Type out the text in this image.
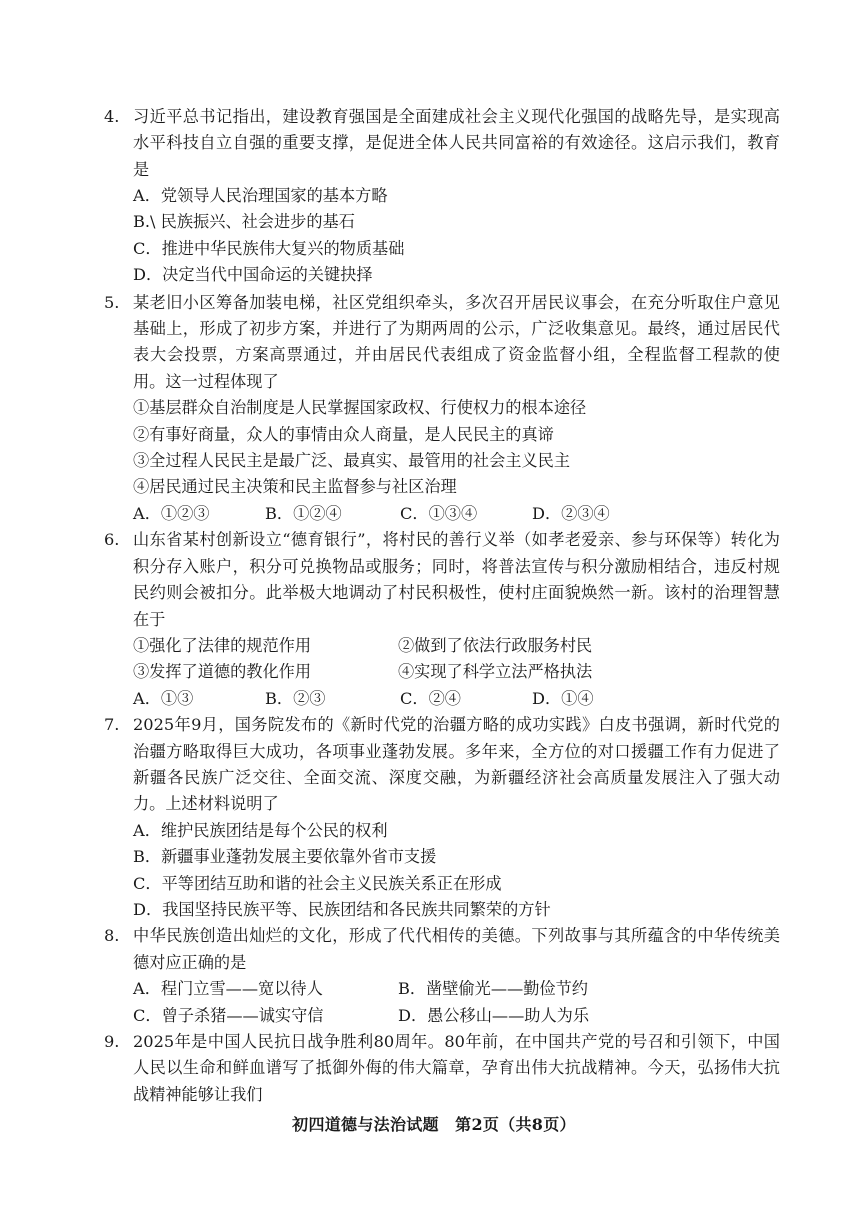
4. 习近平总书记指出，建设教育强国是全面建成社会主义现代化强国的战略先导，是实现高水平科技自立自强的重要支撑，是促进全体人民共同富裕的有效途径。这启示我们，教育是
A．党领导人民治理国家的基本方略
B.\ 民族振兴、社会进步的基石
C．推进中华民族伟大复兴的物质基础
D．决定当代中国命运的关键抉择
5. 某老旧小区筹备加装电梯，社区党组织牵头，多次召开居民议事会，在充分听取住户意见基础上，形成了初步方案，并进行了为期两周的公示，广泛收集意见。最终，通过居民代表大会投票，方案高票通过，并由居民代表组成了资金监督小组，全程监督工程款的使用。这一过程体现了
①基层群众自治制度是人民掌握国家政权、行使权力的根本途径
②有事好商量，众人的事情由众人商量，是人民民主的真谛
③全过程人民民主是最广泛、最真实、最管用的社会主义民主
④居民通过民主决策和民主监督参与社区治理
A．①②③	B．①②④	C．①③④	D．②③④
6. 山东省某村创新设立“德育银行”，将村民的善行义举（如孝老爱亲、参与环保等）转化为积分存入账户，积分可兑换物品或服务；同时，将普法宣传与积分激励相结合，违反村规民约则会被扣分。此举极大地调动了村民积极性，使村庄面貌焕然一新。该村的治理智慧在于
①强化了法律的规范作用	②做到了依法行政服务村民
③发挥了道德的教化作用	④实现了科学立法严格执法
A．①③	B．②③	C．②④	D．①④
7. 2025年9月，国务院发布的《新时代党的治疆方略的成功实践》白皮书强调，新时代党的治疆方略取得巨大成功，各项事业蓬勃发展。多年来，全方位的对口援疆工作有力促进了新疆各民族广泛交往、全面交流、深度交融，为新疆经济社会高质量发展注入了强大动力。上述材料说明了
A．维护民族团结是每个公民的权利
B．新疆事业蓬勃发展主要依靠外省市支援
C．平等团结互助和谐的社会主义民族关系正在形成
D．我国坚持民族平等、民族团结和各民族共同繁荣的方针
8. 中华民族创造出灿烂的文化，形成了代代相传的美德。下列故事与其所蕴含的中华传统美德对应正确的是
A．程门立雪——宽以待人	B．凿壁偷光——勤俭节约
C．曾子杀猪——诚实守信	D．愚公移山——助人为乐
9. 2025年是中国人民抗日战争胜利80周年。80年前，在中国共产党的号召和引领下，中国人民以生命和鲜血谱写了抵御外侮的伟大篇章，孕育出伟大抗战精神。今天，弘扬伟大抗战精神能够让我们
初四道德与法治试题　第2页（共8页）
